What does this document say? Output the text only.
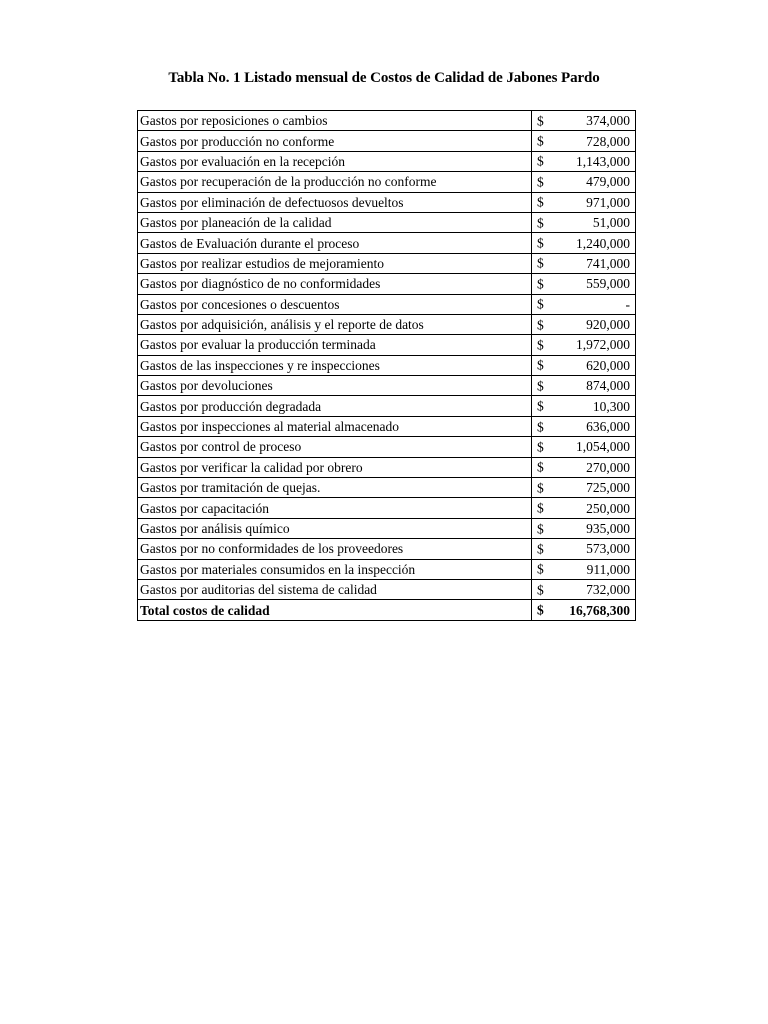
Tabla No. 1 Listado mensual de Costos de Calidad de Jabones Pardo
Gastos por reposiciones o cambios	$ 374,000
Gastos por producción no conforme	$ 728,000
Gastos por evaluación en la recepción	$ 1,143,000
Gastos por recuperación de la producción no conforme	$ 479,000
Gastos por eliminación de defectuosos devueltos	$ 971,000
Gastos por planeación de la calidad	$ 51,000
Gastos de Evaluación durante el proceso	$ 1,240,000
Gastos por realizar estudios de mejoramiento	$ 741,000
Gastos por diagnóstico de no conformidades	$ 559,000
Gastos por concesiones o descuentos	$ -
Gastos por adquisición, análisis y el reporte de datos	$ 920,000
Gastos por evaluar la producción terminada	$ 1,972,000
Gastos de las inspecciones y re inspecciones	$ 620,000
Gastos por devoluciones	$ 874,000
Gastos por producción degradada	$ 10,300
Gastos por inspecciones al material almacenado	$ 636,000
Gastos por control de proceso	$ 1,054,000
Gastos por verificar la calidad por obrero	$ 270,000
Gastos por tramitación de quejas.	$ 725,000
Gastos por capacitación	$ 250,000
Gastos por análisis químico	$ 935,000
Gastos por no conformidades de los proveedores	$ 573,000
Gastos por materiales consumidos en la inspección	$ 911,000
Gastos por auditorias del sistema de calidad	$ 732,000
Total costos de calidad	$ 16,768,300
